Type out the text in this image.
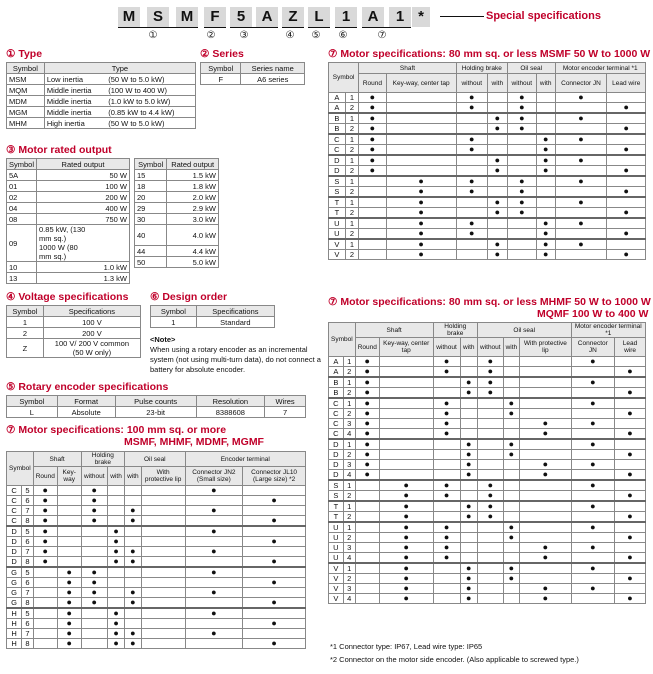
M	S	M	F	5	A	Z	L	1	A	1 *
①	② ③	④ ⑤ ⑥	⑦
Special specifications
① Type
Symbol	Type	
MSM	Low inertia	(50 W to 5.0 kW)
MQM	Middle inertia	(100 W to 400 W)
MDM	Middle inertia	(1.0 kW to 5.0 kW)
MGM	Middle inertia	(0.85 kW to 4.4 kW)
MHM	High inertia	(50 W to 5.0 kW)
② Series
Symbol	Series name
F	A6 series
③ Motor rated output
Symbol	Rated output
5A	50 W
01	100 W
02	200 W
04	400 W
08	750 W
09	0.85 kW, (130 mm sq.)1000 W (80 mm sq.)
10	1.0 kW
13	1.3 kW
Symbol	Rated output
15	1.5 kW
18	1.8 kW
20	2.0 kW
29	2.9 kW
30	3.0 kW
40	4.0 kW
44	4.4 kW
50	5.0 kW
④ Voltage specifications
Symbol	Specifications
1	100 V

2	200 V

Z	100 V/ 200 V common
(50 W only)
⑥ Design order
Symbol	Specifications
1	Standard
<Note>
When using a rotary encoder as an incremental system (not using multi-turn data), do not connect a battery for absolute encoder.
⑤ Rotary encoder specifications
Symbol	Format	Pulse counts	Resolution	Wires
L	Absolute	23-bit	8388608	7
⑦ Motor specifications: 100 mm sq. or more
MSMF, MHMF, MDMF, MGMF
Symbol		Shaft		Holding brake		Oil seal		Encoder terminal	
		Round	Key-way	without	with	with	With protective lip	Connector JN2 (Small size)	Connector JL10 (Large size) *2
C	5	●		●				●	
C	6	●		●					●
C	7	●		●		●		●	
C	8	●		●		●			●
D	5	●			●			●	
D	6	●			●				●
D	7	●			●	●		●	
D	8	●			●	●			●
G	5		●	●				●	
G	6		●	●					●
G	7		●	●		●		●	
G	8		●	●		●			●
H	5		●		●			●	
H	6		●		●				●
H	7		●		●	●		●	
H	8		●		●	●			●
⑦ Motor specifications: 80 mm sq. or less MSMF 50 W to 1000 W
Symbol		Shaft		Holding brake		Oil seal		Motor encoder terminal *1	
		Round	Key-way, center tap	without	with	without	with	Connector JN	Lead wire
A	1	●		●		●		●	
A	2	●		●		●			●
B	1	●			●	●		●	
B	2	●			●	●			●
C	1	●		●			●	●	
C	2	●		●			●		●
D	1	●			●		●	●	
D	2	●			●		●		●
S	1		●	●		●		●	
S	2		●	●		●			●
T	1		●		●	●		●	
T	2		●		●	●			●
U	1		●	●			●	●	
U	2		●	●			●		●
V	1		●		●		●	●	
V	2		●		●		●		●
⑦ Motor specifications: 80 mm sq. or less MHMF 50 W to 1000 W
MQMF 100 W to 400 W
Symbol		Shaft		Holding brake		Oil seal			Motor encoder terminal *1	
		Round	Key-way, center tap	without	with	without	with	With protective lip	Connector JN	Lead wire
A	1	●		●		●			●	
A	2	●		●		●				●
B	1	●			●	●			●	
B	2	●			●	●				●
C	1	●		●			●		●	
C	2	●		●			●			●
C	3	●		●				●	●	
C	4	●		●				●		●
D	1	●			●		●		●	
D	2	●			●		●			●
D	3	●			●			●	●	
D	4	●			●			●		●
S	1		●	●		●			●	
S	2		●	●		●				●
T	1		●		●	●			●	
T	2		●		●	●				●
U	1		●	●			●		●	
U	2		●	●			●			●
U	3		●	●				●	●	
U	4		●	●				●		●
V	1		●		●		●		●	
V	2		●		●		●			●
V	3		●		●			●	●	
V	4		●		●			●		●
*1 Connector type: IP67, Lead wire type: IP65
*2 Connector on the motor side encoder. (Also applicable to screwed type.)
